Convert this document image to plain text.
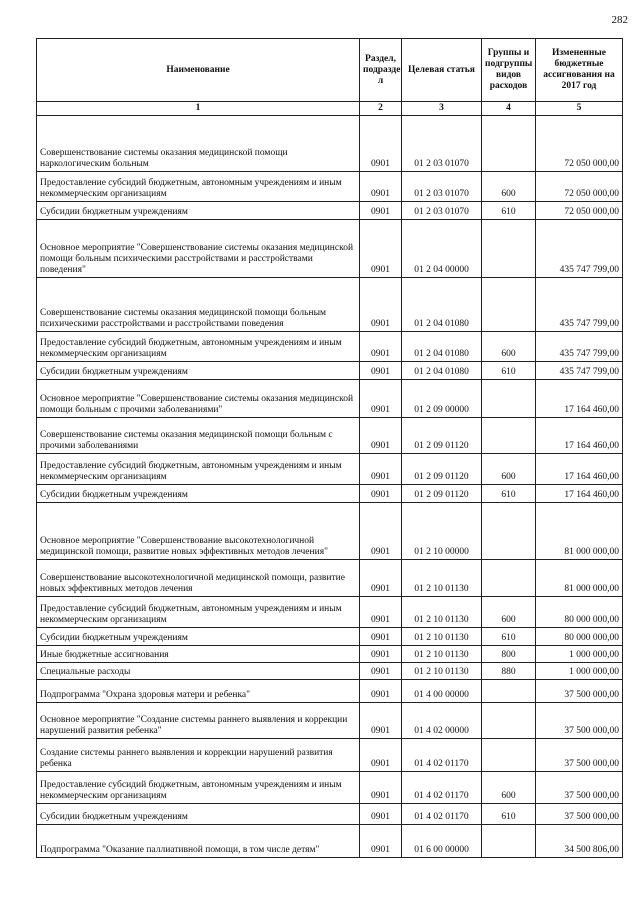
282
Наименование	Раздел, подразде л	Целевая статья	Группы и подгруппы видов расходов	Измененные бюджетные ассигнования на 2017 год
1	2	3	4	5
Совершенствование системы оказания медицинской помощи наркологическим больным	0901	01 2 03 01070		72 050 000,00
Предоставление субсидий бюджетным, автономным учреждениям и иным некоммерческим организациям	0901	01 2 03 01070	600	72 050 000,00
Субсидии бюджетным учреждениям	0901	01 2 03 01070	610	72 050 000,00
Основное мероприятие "Совершенствование системы оказания медицинской помощи больным психическими расстройствами и расстройствами поведения"	0901	01 2 04 00000		435 747 799,00
Совершенствование системы оказания медицинской помощи больным психическими расстройствами и расстройствами поведения	0901	01 2 04 01080		435 747 799,00
Предоставление субсидий бюджетным, автономным учреждениям и иным некоммерческим организациям	0901	01 2 04 01080	600	435 747 799,00
Субсидии бюджетным учреждениям	0901	01 2 04 01080	610	435 747 799,00
Основное мероприятие "Совершенствование системы оказания медицинской помощи больным с прочими заболеваниями"	0901	01 2 09 00000		17 164 460,00
Совершенствование системы оказания медицинской помощи больным с прочими заболеваниями	0901	01 2 09 01120		17 164 460,00
Предоставление субсидий бюджетным, автономным учреждениям и иным некоммерческим организациям	0901	01 2 09 01120	600	17 164 460,00
Субсидии бюджетным учреждениям	0901	01 2 09 01120	610	17 164 460,00
Основное мероприятие "Совершенствование высокотехнологичной медицинской помощи, развитие новых эффективных методов лечения"	0901	01 2 10 00000		81 000 000,00
Совершенствование высокотехнологичной медицинской помощи, развитие новых эффективных методов лечения	0901	01 2 10 01130		81 000 000,00
Предоставление субсидий бюджетным, автономным учреждениям и иным некоммерческим организациям	0901	01 2 10 01130	600	80 000 000,00
Субсидии бюджетным учреждениям	0901	01 2 10 01130	610	80 000 000,00
Иные бюджетные ассигнования	0901	01 2 10 01130	800	1 000 000,00
Специальные расходы	0901	01 2 10 01130	880	1 000 000,00
Подпрограмма "Охрана здоровья матери и ребенка"	0901	01 4 00 00000		37 500 000,00
Основное мероприятие "Создание системы раннего выявления и коррекции нарушений развития ребенка"	0901	01 4 02 00000		37 500 000,00
Создание системы раннего выявления и коррекции нарушений развития ребенка	0901	01 4 02 01170		37 500 000,00
Предоставление субсидий бюджетным, автономным учреждениям и иным некоммерческим организациям	0901	01 4 02 01170	600	37 500 000,00
Субсидии бюджетным учреждениям	0901	01 4 02 01170	610	37 500 000,00
Подпрограмма "Оказание паллиативной помощи, в том числе детям"	0901	01 6 00 00000		34 500 806,00
